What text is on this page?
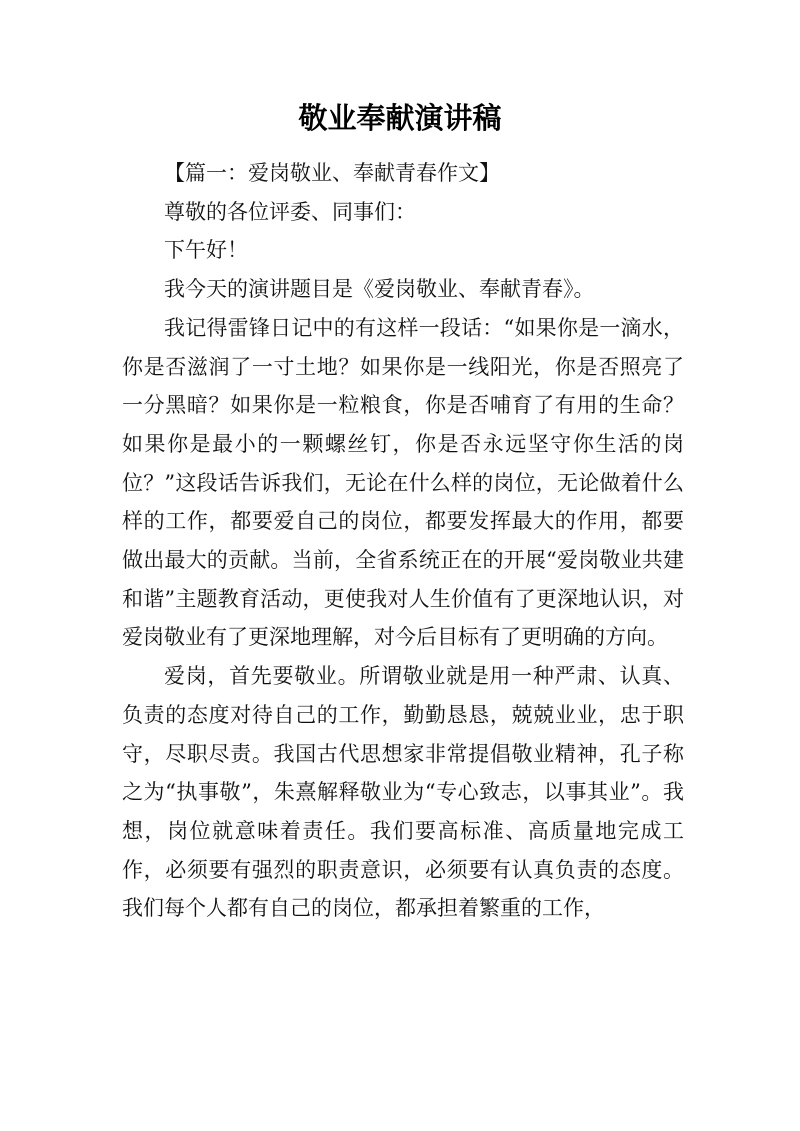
敬业奉献演讲稿

【篇一：爱岗敬业、奉献青春作文】

尊敬的各位评委、同事们：

下午好！

我今天的演讲题目是《爱岗敬业、奉献青春》。

我记得雷锋日记中的有这样一段话：“如果你是一滴水，你是否滋润了一寸土地？如果你是一线阳光，你是否照亮了一分黑暗？如果你是一粒粮食，你是否哺育了有用的生命？如果你是最小的一颗螺丝钉，你是否永远坚守你生活的岗位？”这段话告诉我们，无论在什么样的岗位，无论做着什么样的工作，都要爱自己的岗位，都要发挥最大的作用，都要做出最大的贡献。当前，全省系统正在的开展“爱岗敬业共建和谐”主题教育活动，更使我对人生价值有了更深地认识，对爱岗敬业有了更深地理解，对今后目标有了更明确的方向。

爱岗，首先要敬业。所谓敬业就是用一种严肃、认真、负责的态度对待自己的工作，勤勤恳恳，兢兢业业，忠于职守，尽职尽责。我国古代思想家非常提倡敬业精神，孔子称之为“执事敬”，朱熹解释敬业为“专心致志，以事其业”。我想，岗位就意味着责任。我们要高标准、高质量地完成工作，必须要有强烈的职责意识，必须要有认真负责的态度。我们每个人都有自己的岗位，都承担着繁重的工作，
